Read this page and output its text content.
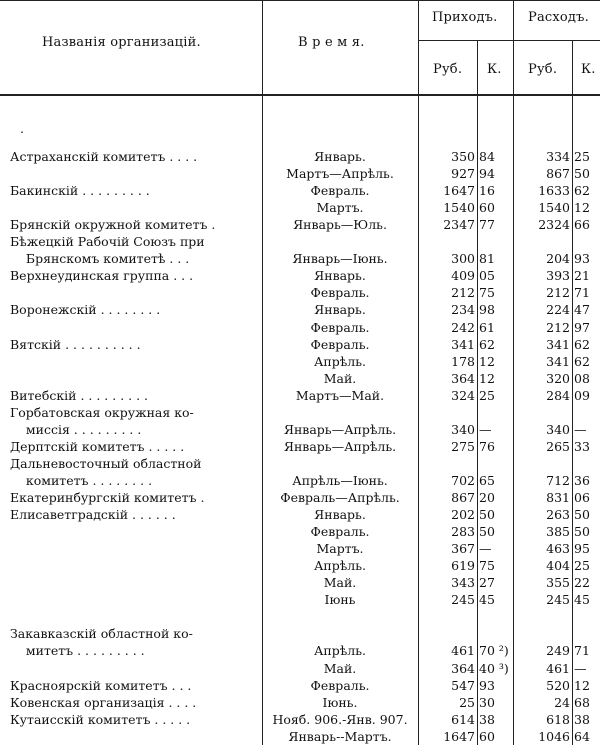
Названія организацій.	В р е м я.
Приходъ. Расходъ.
Руб. К. Руб. К.
.
Астраханскій комитетъ . . . .	Январь.	350 84	334 25
Мартъ—Апрѣль.	927 94	867 50
Бакинскій . . . . . . . . .	Февраль.	1647 16	1633 62
Мартъ.	1540 60	1540 12
Брянскій окружной комитетъ .	Январь—Юль.	2347 77	2324 66
Бѣжецкій Рабочій Союзъ при
Брянскомъ комитетѣ . . .	Январь—Іюнь.	300 81	204 93
Верхнеудинская группа . . .	Январь.	409 05	393 21
Февраль.	212 75	212 71
Воронежскій . . . . . . . .	Январь.	234 98	224 47
Февраль.	242 61	212 97
Вятскій . . . . . . . . . .	Февраль.	341 62	341 62
Апрѣль.	178 12	341 62
Май.	364 12	320 08
Витебскій . . . . . . . . .	Мартъ—Май.	324 25	284 09
Горбатовская окружная ко-
миссія . . . . . . . . .	Январь—Апрѣль.	340 —	340 —
Дерптскій комитетъ . . . . .	Январь—Апрѣль.	275 76	265 33
Дальневосточный областной
комитетъ . . . . . . . .	Апрѣль—Іюнь.	702 65	712 36
Екатеринбургскій комитетъ .	Февраль—Апрѣль.	867 20	831 06
Елисаветградскій . . . . . .	Январь.	202 50	263 50
Февраль.	283 50	385 50
Мартъ.	367 —	463 95
Апрѣль.	619 75	404 25
Май.	343 27	355 22
Іюнь	245 45	245 45
Закавказскій областной ко-
митетъ . . . . . . . . .	Апрѣль.	461 70 ²)	249 71
Май.	364 40 ³)	461 —
Красноярскій комитетъ . . .	Февраль.	547 93	520 12
Ковенская организація . . . .	Іюнь.	25 30	24 68
Кутаисскій комитетъ . . . . .	Нояб. 906.-Янв. 907.	614 38	618 38
Январь--Мартъ.	1647 60	1046 64
